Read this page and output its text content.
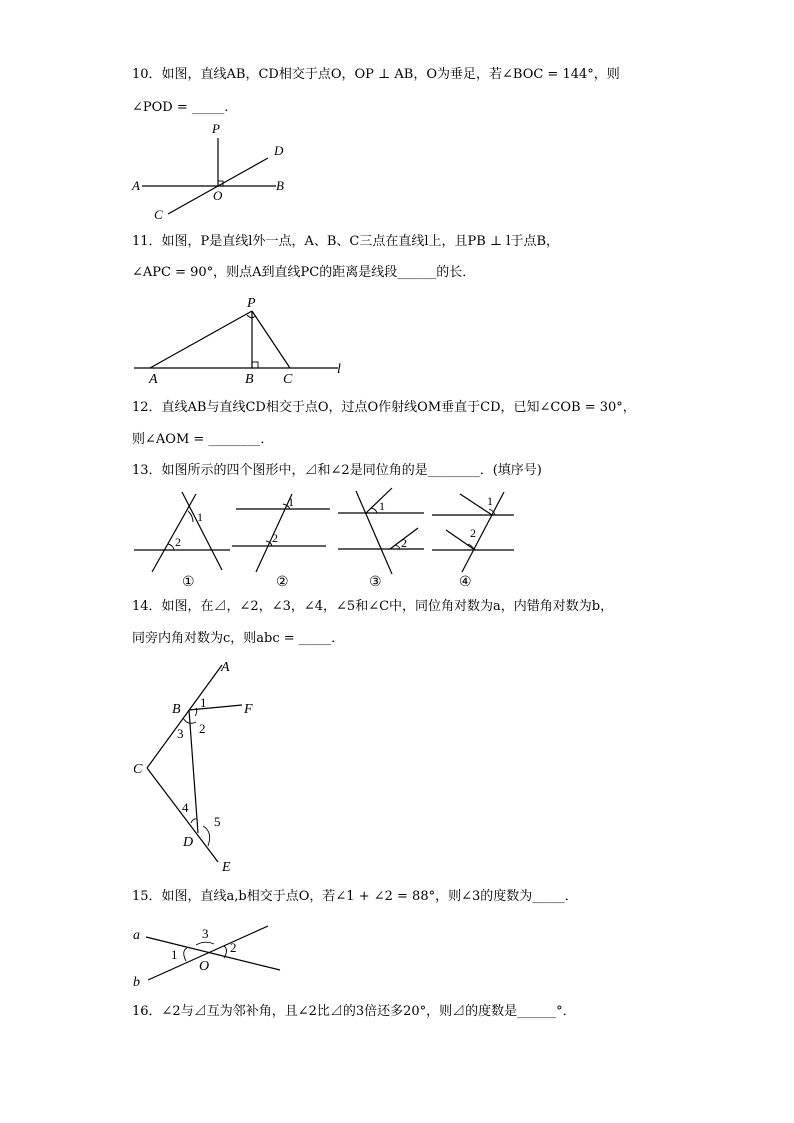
10．如图，直线AB，CD相交于点O，OP ⊥ AB，O为垂足，若∠BOC = 144°，则
∠POD = _____．
P
D
A
O
B
C
11．如图，P是直线l外一点，A、B、C三点在直线l上，且PB ⊥ l于点B，
∠APC = 90°，则点A到直线PC的距离是线段______的长．
P
A	B C
l
12．直线AB与直线CD相交于点O，过点O作射线OM垂直于CD，已知∠COB = 30°，
则∠AOM = ________．
13．如图所示的四个图形中，⊿和∠2是同位角的是________．(填序号)
1
2
①
1
2
②
1
2
③
1
2
④
14．如图，在⊿，∠2，∠3，∠4，∠5和∠C中，同位角对数为a，内错角对数为b，
同旁内角对数为c，则abc = _____．
A
B	F
C
D
E
1
2
3
4
5
15．如图，直线a,b相交于点O，若∠1 + ∠2 = 88°，则∠3的度数为_____．
a
b
O
1	2
3
16．∠2与⊿互为邻补角，且∠2比⊿的3倍还多20°，则⊿的度数是______°．
